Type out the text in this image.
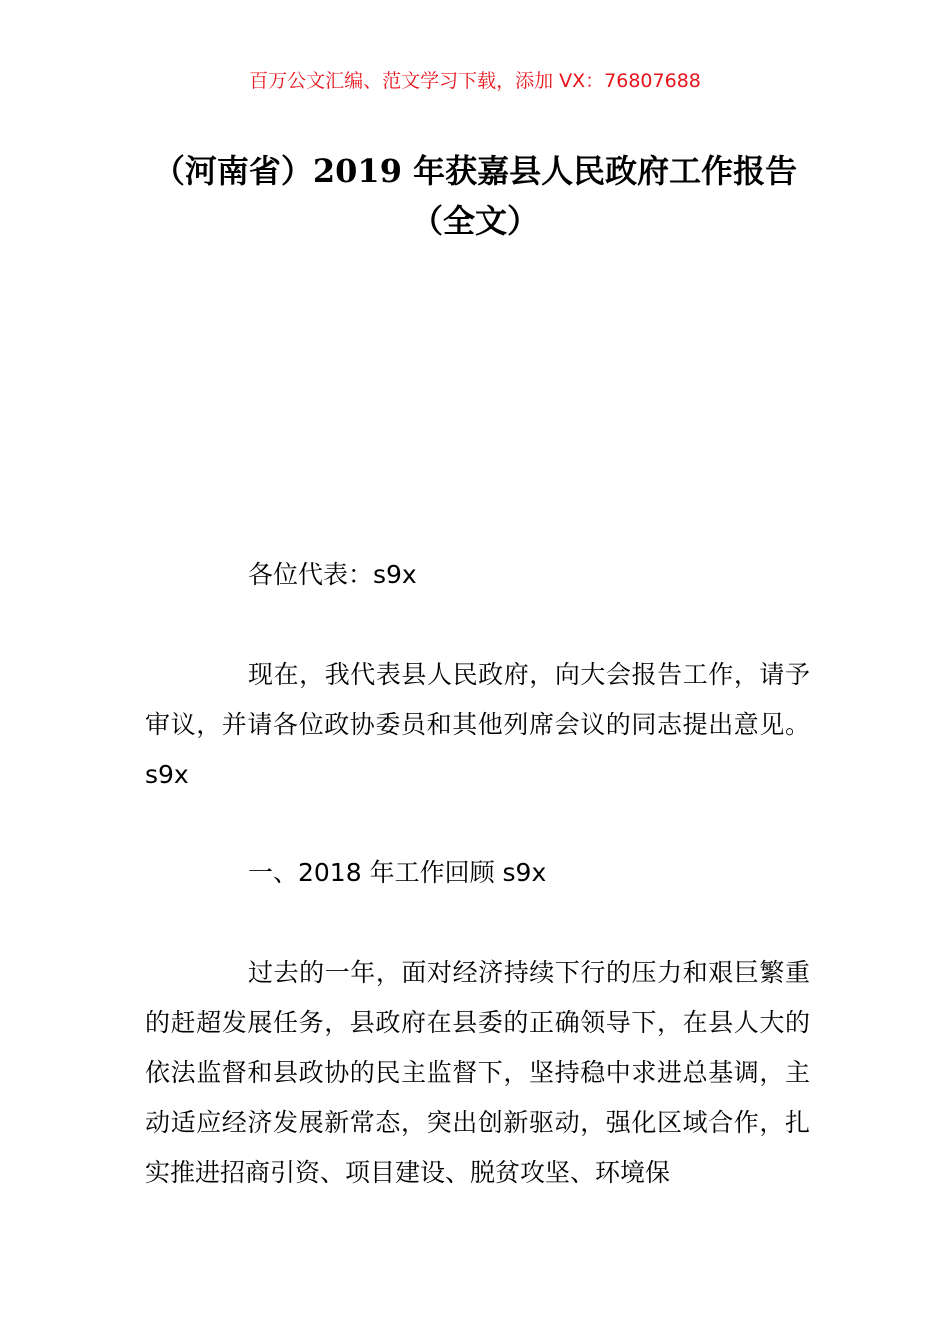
百万公文汇编、范文学习下载，添加 VX：76807688
（河南省）2019 年获嘉县人民政府工作报告（全文）

各位代表：s9x

现在，我代表县人民政府，向大会报告工作，请予审议，并请各位政协委员和其他列席会议的同志提出意见。s9x

一、2018 年工作回顾 s9x

过去的一年，面对经济持续下行的压力和艰巨繁重的赶超发展任务，县政府在县委的正确领导下，在县人大的依法监督和县政协的民主监督下，坚持稳中求进总基调，主动适应经济发展新常态，突出创新驱动，强化区域合作，扎实推进招商引资、项目建设、脱贫攻坚、环境保
